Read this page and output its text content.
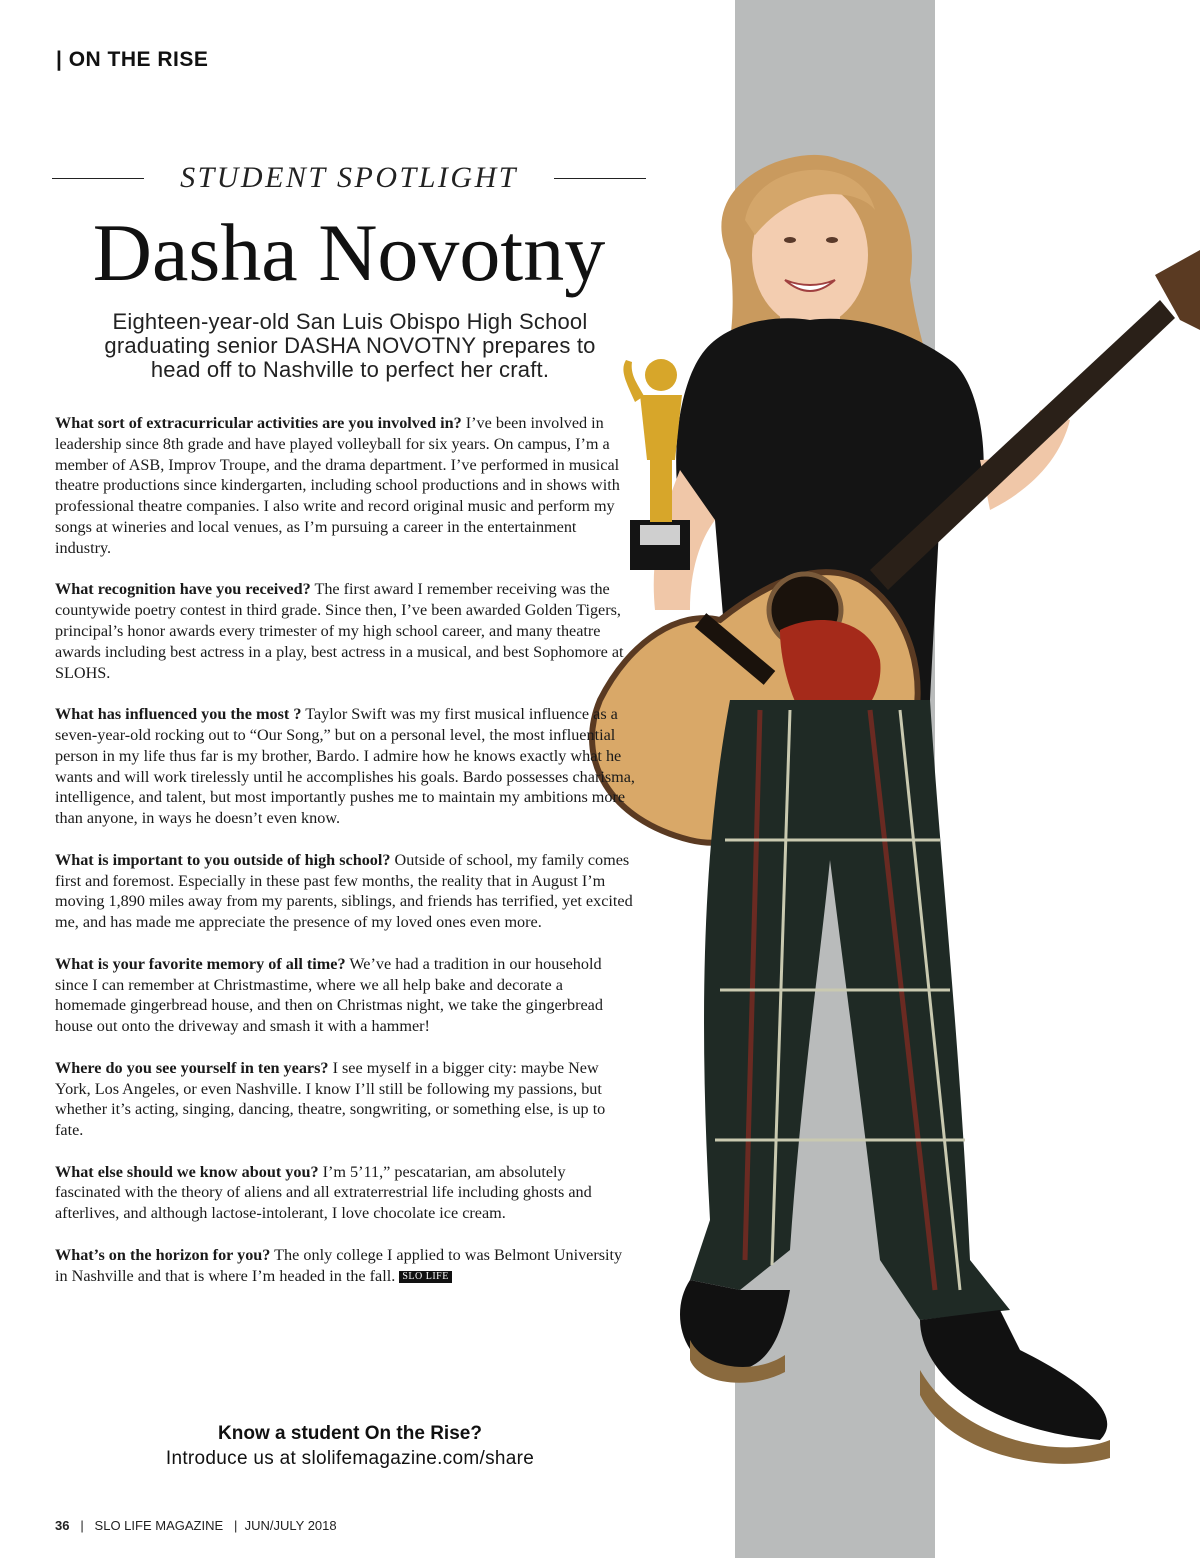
| ON THE RISE
STUDENT SPOTLIGHT
Dasha Novotny
Eighteen-year-old San Luis Obispo High School
graduating senior DASHA NOVOTNY prepares to
head off to Nashville to perfect her craft.

What sort of extracurricular activities are you involved in? I’ve been involved in leadership since 8th grade and have played volleyball for six years. On campus, I’m a member of ASB, Improv Troupe, and the drama department. I’ve performed in musical theatre productions since kindergarten, including school productions and in shows with professional theatre companies. I also write and record original music and perform my songs at wineries and local venues, as I’m pursuing a career in the entertainment industry.

What recognition have you received? The first award I remember receiving was the countywide poetry contest in third grade. Since then, I’ve been awarded Golden Tigers, principal’s honor awards every trimester of my high school career, and many theatre awards including best actress in a play, best actress in a musical, and best Sophomore at SLOHS.

What has influenced you the most ? Taylor Swift was my first musical influence as a seven-year-old rocking out to “Our Song,” but on a personal level, the most influential person in my life thus far is my brother, Bardo. I admire how he knows exactly what he wants and will work tirelessly until he accomplishes his goals. Bardo possesses charisma, intelligence, and talent, but most importantly pushes me to maintain my ambitions more than anyone, in ways he doesn’t even know.

What is important to you outside of high school? Outside of school, my family comes first and foremost. Especially in these past few months, the reality that in August I’m moving 1,890 miles away from my parents, siblings, and friends has terrified, yet excited me, and has made me appreciate the presence of my loved ones even more.

What is your favorite memory of all time? We’ve had a tradition in our household since I can remember at Christmastime, where we all help bake and decorate a homemade gingerbread house, and then on Christmas night, we take the gingerbread house out onto the driveway and smash it with a hammer!

Where do you see yourself in ten years? I see myself in a bigger city: maybe New York, Los Angeles, or even Nashville. I know I’ll still be following my passions, but whether it’s acting, singing, dancing, theatre, songwriting, or something else, is up to fate.

What else should we know about you? I’m 5’11,” pescatarian, am absolutely fascinated with the theory of aliens and all extraterrestrial life including ghosts and afterlives, and although lactose-intolerant, I love chocolate ice cream.

What’s on the horizon for you? The only college I applied to was Belmont University in Nashville and that is where I’m headed in the fall. SLO LIFE

Know a student On the Rise?
Introduce us at slolifemagazine.com/share
36 | SLO LIFE MAGAZINE | JUN/JULY 2018
